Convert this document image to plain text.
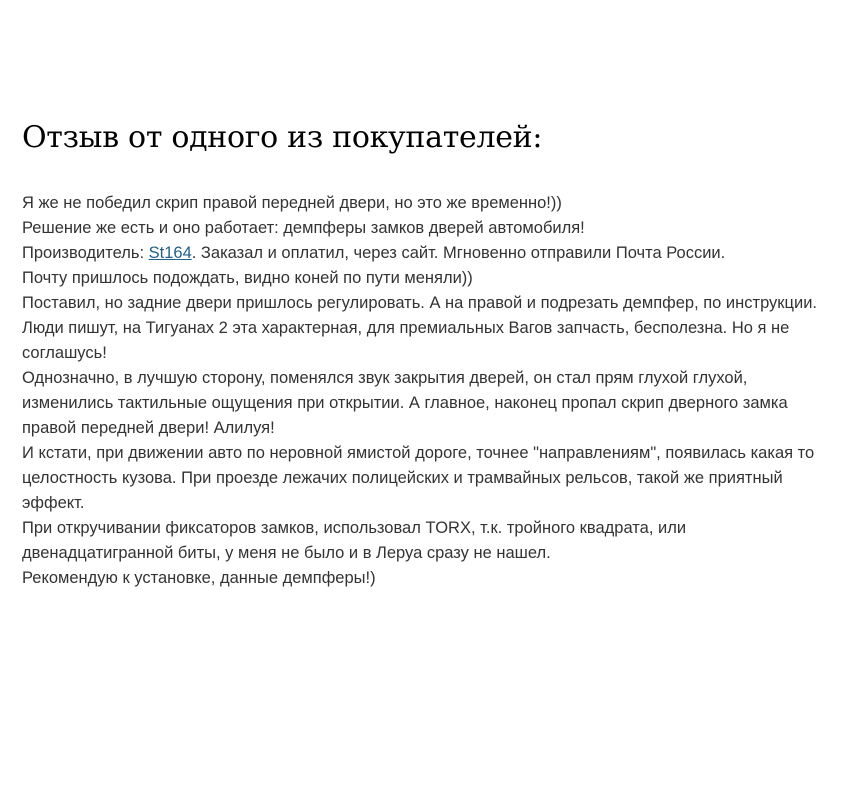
Отзыв от одного из покупателей:

Я же не победил скрип правой передней двери, но это же временно!))

Решение же есть и оно работает: демпферы замков дверей автомобиля!

Производитель: St164. Заказал и оплатил, через сайт. Мгновенно отправили Почта России.

Почту пришлось подождать, видно коней по пути меняли))

Поставил, но задние двери пришлось регулировать. А на правой и подрезать демпфер, по инструкции.

Люди пишут, на Тигуанах 2 эта характерная, для премиальных Вагов запчасть, бесполезна. Но я не соглашусь!

Однозначно, в лучшую сторону, поменялся звук закрытия дверей, он стал прям глухой глухой, изменились тактильные ощущения при открытии. А главное, наконец пропал скрип дверного замка правой передней двери! Алилуя!

И кстати, при движении авто по неровной ямистой дороге, точнее "направлениям", появилась какая то целостность кузова. При проезде лежачих полицейских и трамвайных рельсов, такой же приятный эффект.

При откручивании фиксаторов замков, использовал TORX, т.к. тройного квадрата, или двенадцатигранной биты, у меня не было и в Леруа сразу не нашел.

Рекомендую к установке, данные демпферы!)
